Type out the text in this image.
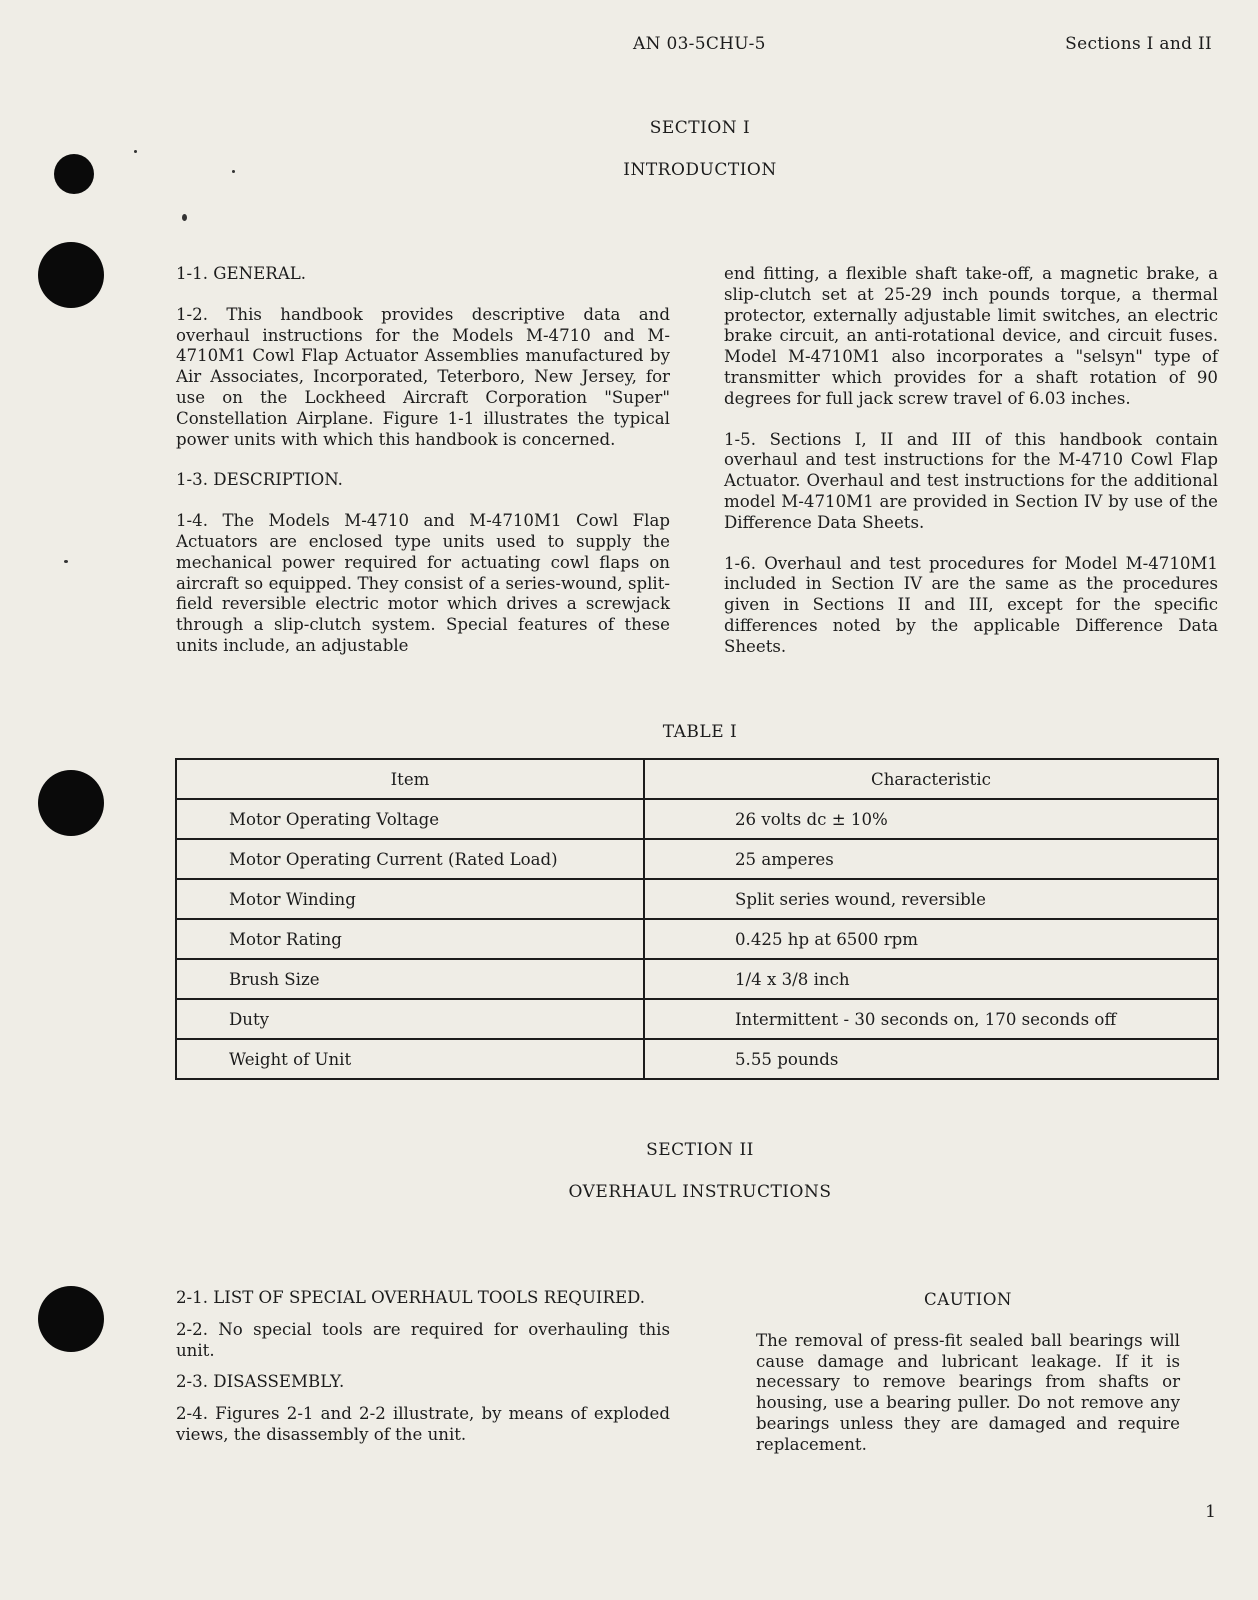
AN 03-5CHU-5	Sections I and II
SECTION I
INTRODUCTION

1-1. GENERAL.

1-2. This handbook provides descriptive data and overhaul instructions for the Models M-4710 and M-4710M1 Cowl Flap Actuator Assemblies manufactured by Air Associates, Incorporated, Teterboro, New Jersey, for use on the Lockheed Aircraft Corporation "Super" Constellation Airplane. Figure 1-1 illustrates the typical power units with which this handbook is concerned.

1-3. DESCRIPTION.

1-4. The Models M-4710 and M-4710M1 Cowl Flap Actuators are enclosed type units used to supply the mechanical power required for actuating cowl flaps on aircraft so equipped. They consist of a series-wound, split-field reversible electric motor which drives a screwjack through a slip-clutch system. Special features of these units include, an adjustable

end fitting, a flexible shaft take-off, a magnetic brake, a slip-clutch set at 25-29 inch pounds torque, a thermal protector, externally adjustable limit switches, an electric brake circuit, an anti-rotational device, and circuit fuses. Model M-4710M1 also incorporates a "selsyn" type of transmitter which provides for a shaft rotation of 90 degrees for full jack screw travel of 6.03 inches.

1-5. Sections I, II and III of this handbook contain overhaul and test instructions for the M-4710 Cowl Flap Actuator. Overhaul and test instructions for the additional model M-4710M1 are provided in Section IV by use of the Difference Data Sheets.

1-6. Overhaul and test procedures for Model M-4710M1 included in Section IV are the same as the procedures given in Sections II and III, except for the specific differences noted by the applicable Difference Data Sheets.

TABLE I
Item	Characteristic
Motor Operating Voltage	26 volts dc ± 10%
Motor Operating Current (Rated Load)	25 amperes
Motor Winding	Split series wound, reversible
Motor Rating	0.425 hp at 6500 rpm
Brush Size	1/4 x 3/8 inch
Duty	Intermittent - 30 seconds on, 170 seconds off
Weight of Unit	5.55 pounds
SECTION II
OVERHAUL INSTRUCTIONS

2-1. LIST OF SPECIAL OVERHAUL TOOLS REQUIRED.

2-2. No special tools are required for overhauling this unit.

2-3. DISASSEMBLY.

2-4. Figures 2-1 and 2-2 illustrate, by means of exploded views, the disassembly of the unit.

CAUTION

The removal of press-fit sealed ball bearings will cause damage and lubricant leakage. If it is necessary to remove bearings from shafts or housing, use a bearing puller. Do not remove any bearings unless they are damaged and require replacement.

1
